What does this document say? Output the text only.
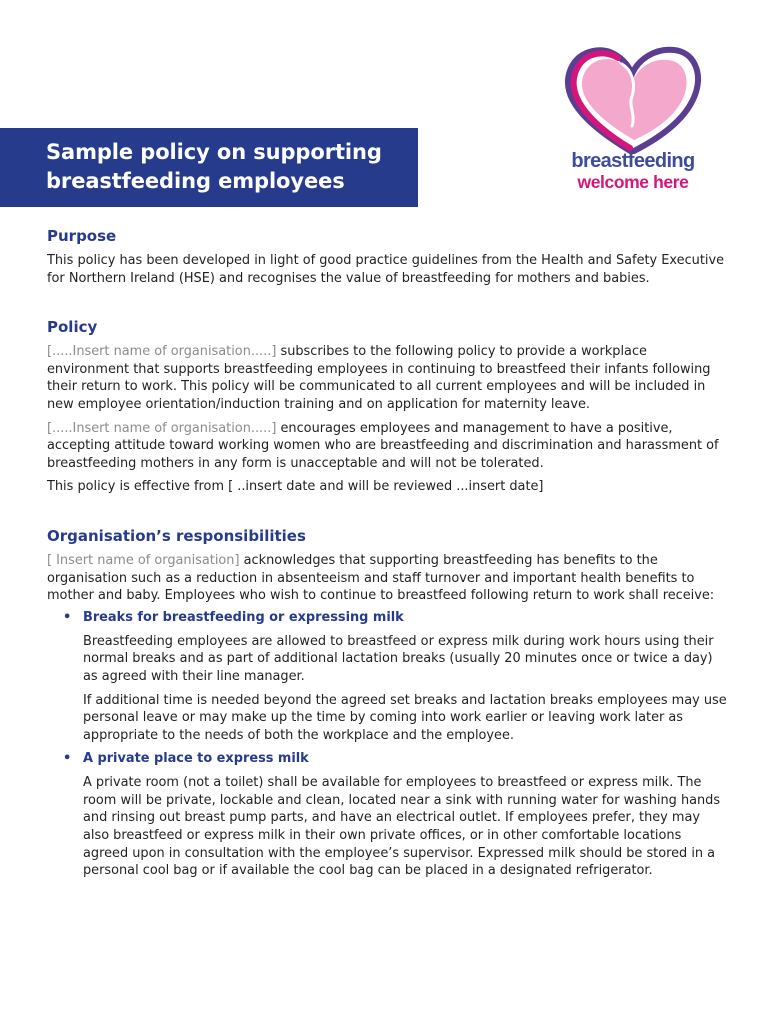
Sample policy on supporting
breastfeeding employees
breastfeeding
welcome here
Purpose

This policy has been developed in light of good practice guidelines from the Health and Safety Executive for Northern Ireland (HSE) and recognises the value of breastfeeding for mothers and babies.

Policy

[.....Insert name of organisation.....] subscribes to the following policy to provide a workplace environment that supports breastfeeding employees in continuing to breastfeed their infants following their return to work. This policy will be communicated to all current employees and will be included in new employee orientation/induction training and on application for maternity leave.

[.....Insert name of organisation.....] encourages employees and management to have a positive, accepting attitude toward working women who are breastfeeding and discrimination and harassment of breastfeeding mothers in any form is unacceptable and will not be tolerated.

This policy is effective from [ ..insert date and will be reviewed ...insert date]

Organisation’s responsibilities

[ Insert name of organisation] acknowledges that supporting breastfeeding has benefits to the organisation such as a reduction in absenteeism and staff turnover and important health benefits to mother and baby. Employees who wish to continue to breastfeed following return to work shall receive:

• Breaks for breastfeeding or expressing milk

Breastfeeding employees are allowed to breastfeed or express milk during work hours using their normal breaks and as part of additional lactation breaks (usually 20 minutes once or twice a day) as agreed with their line manager.

If additional time is needed beyond the agreed set breaks and lactation breaks employees may use personal leave or may make up the time by coming into work earlier or leaving work later as appropriate to the needs of both the workplace and the employee.

• A private place to express milk

A private room (not a toilet) shall be available for employees to breastfeed or express milk. The room will be private, lockable and clean, located near a sink with running water for washing hands and rinsing out breast pump parts, and have an electrical outlet. If employees prefer, they may also breastfeed or express milk in their own private offices, or in other comfortable locations agreed upon in consultation with the employee’s supervisor. Expressed milk should be stored in a personal cool bag or if available the cool bag can be placed in a designated refrigerator.
